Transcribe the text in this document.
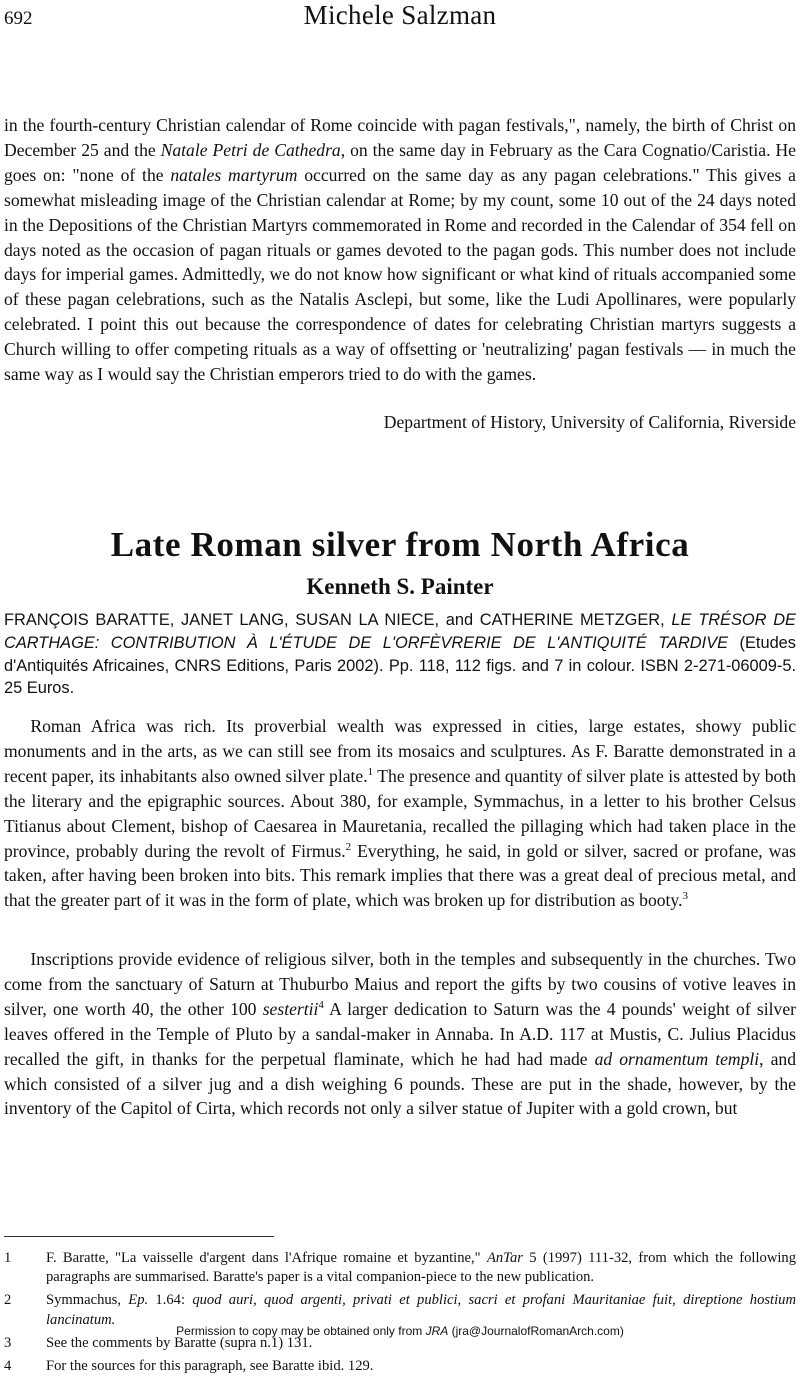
692	Michele Salzman

in the fourth-century Christian calendar of Rome coincide with pagan festivals,", namely, the birth of Christ on December 25 and the Natale Petri de Cathedra, on the same day in February as the Cara Cognatio/Caristia. He goes on: "none of the natales martyrum occurred on the same day as any pagan celebrations." This gives a somewhat misleading image of the Christian calendar at Rome; by my count, some 10 out of the 24 days noted in the Depositions of the Christian Martyrs commemorated in Rome and recorded in the Calendar of 354 fell on days noted as the occasion of pagan rituals or games devoted to the pagan gods. This number does not include days for imperial games. Admittedly, we do not know how significant or what kind of rituals accompanied some of these pagan celebrations, such as the Natalis Asclepi, but some, like the Ludi Apollinares, were popularly celebrated. I point this out because the correspondence of dates for celebrating Christian martyrs suggests a Church willing to offer competing rituals as a way of offsetting or 'neutralizing' pagan festivals — in much the same way as I would say the Christian emperors tried to do with the games.

Department of History, University of California, Riverside
Late Roman silver from North Africa
Kenneth S. Painter

FRANÇOIS BARATTE, JANET LANG, SUSAN LA NIECE, and CATHERINE METZGER, LE TRÉSOR DE CARTHAGE: CONTRIBUTION À L'ÉTUDE DE L'ORFÈVRERIE DE L'ANTIQUITÉ TARDIVE (Etudes d'Antiquités Africaines, CNRS Editions, Paris 2002). Pp. 118, 112 figs. and 7 in colour. ISBN 2-271-06009-5. 25 Euros.

  Roman Africa was rich. Its proverbial wealth was expressed in cities, large estates, showy public monuments and in the arts, as we can still see from its mosaics and sculptures. As F. Baratte demonstrated in a recent paper, its inhabitants also owned silver plate.$^1$ The presence and quantity of silver plate is attested by both the literary and the epigraphic sources. About 380, for example, Symmachus, in a letter to his brother Celsus Titianus about Clement, bishop of Caesarea in Mauretania, recalled the pillaging which had taken place in the province, probably during the revolt of Firmus.$^2$ Everything, he said, in gold or silver, sacred or profane, was taken, after having been broken into bits. This remark implies that there was a great deal of precious metal, and that the greater part of it was in the form of plate, which was broken up for distribution as booty.$^3$

  Inscriptions provide evidence of religious silver, both in the temples and subsequently in the churches. Two come from the sanctuary of Saturn at Thuburbo Maius and report the gifts by two cousins of votive leaves in silver, one worth 40, the other 100 sestertii$^4$ A larger dedication to Saturn was the 4 pounds' weight of silver leaves offered in the Temple of Pluto by a sandal-maker in Annaba. In A.D. 117 at Mustis, C. Julius Placidus recalled the gift, in thanks for the perpetual flaminate, which he had had made ad ornamentum templi, and which consisted of a silver jug and a dish weighing 6 pounds. These are put in the shade, however, by the inventory of the Capitol of Cirta, which records not only a silver statue of Jupiter with a gold crown, but

1 F. Baratte, "La vaisselle d'argent dans l'Afrique romaine et byzantine," AnTar 5 (1997) 111-32, from which the following paragraphs are summarised. Baratte's paper is a vital companion-piece to the new publication.
2 Symmachus, Ep. 1.64: quod auri, quod argenti, privati et publici, sacri et profani Mauritaniae fuit, direptione hostium lancinatum.
3 See the comments by Baratte (supra n.1) 131.
4 For the sources for this paragraph, see Baratte ibid. 129.
Permission to copy may be obtained only from JRA (jra@JournalofRomanArch.com)
